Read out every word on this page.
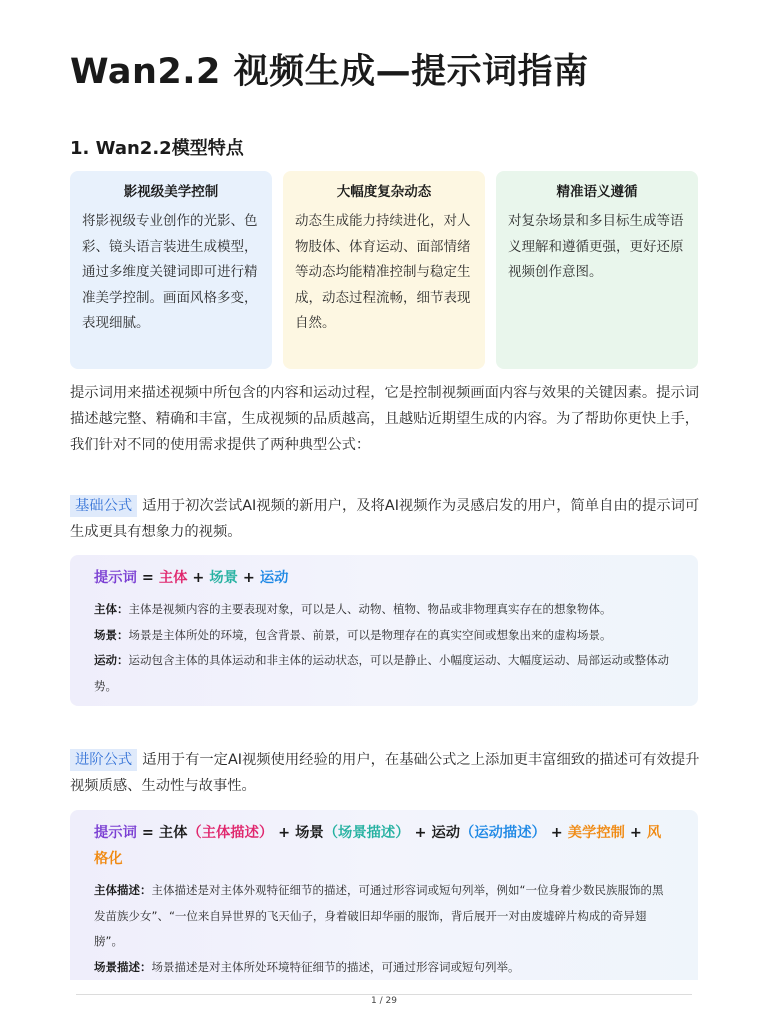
Wan2.2 视频生成—提示词指南
1. Wan2.2模型特点
影视级美学控制
将影视级专业创作的光影、色彩、镜头语言装进生成模型，通过多维度关键词即可进行精准美学控制。画面风格多变，表现细腻。
大幅度复杂动态
动态生成能力持续进化，对人物肢体、体育运动、面部情绪等动态均能精准控制与稳定生成，动态过程流畅，细节表现自然。
精准语义遵循
对复杂场景和多目标生成等语义理解和遵循更强，更好还原视频创作意图。
提示词用来描述视频中所包含的内容和运动过程，它是控制视频画面内容与效果的关键因素。提示词描述越完整、精确和丰富，生成视频的品质越高，且越贴近期望生成的内容。为了帮助你更快上手，我们针对不同的使用需求提供了两种典型公式：
基础公式 适用于初次尝试AI视频的新用户，及将AI视频作为灵感启发的用户，简单自由的提示词可生成更具有想象力的视频。
提示词 = 主体 + 场景 + 运动
主体：主体是视频内容的主要表现对象，可以是人、动物、植物、物品或非物理真实存在的想象物体。
场景：场景是主体所处的环境，包含背景、前景，可以是物理存在的真实空间或想象出来的虚构场景。
运动：运动包含主体的具体运动和非主体的运动状态，可以是静止、小幅度运动、大幅度运动、局部运动或整体动势。
进阶公式 适用于有一定AI视频使用经验的用户，在基础公式之上添加更丰富细致的描述可有效提升视频质感、生动性与故事性。
提示词 = 主体（主体描述） + 场景（场景描述） + 运动（运动描述） + 美学控制 + 风格化
主体描述：主体描述是对主体外观特征细节的描述，可通过形容词或短句列举，例如“一位身着少数民族服饰的黑发苗族少女”、“一位来自异世界的飞天仙子，身着破旧却华丽的服饰，背后展开一对由废墟碎片构成的奇异翅膀”。
场景描述：场景描述是对主体所处环境特征细节的描述，可通过形容词或短句列举。
1 / 29
